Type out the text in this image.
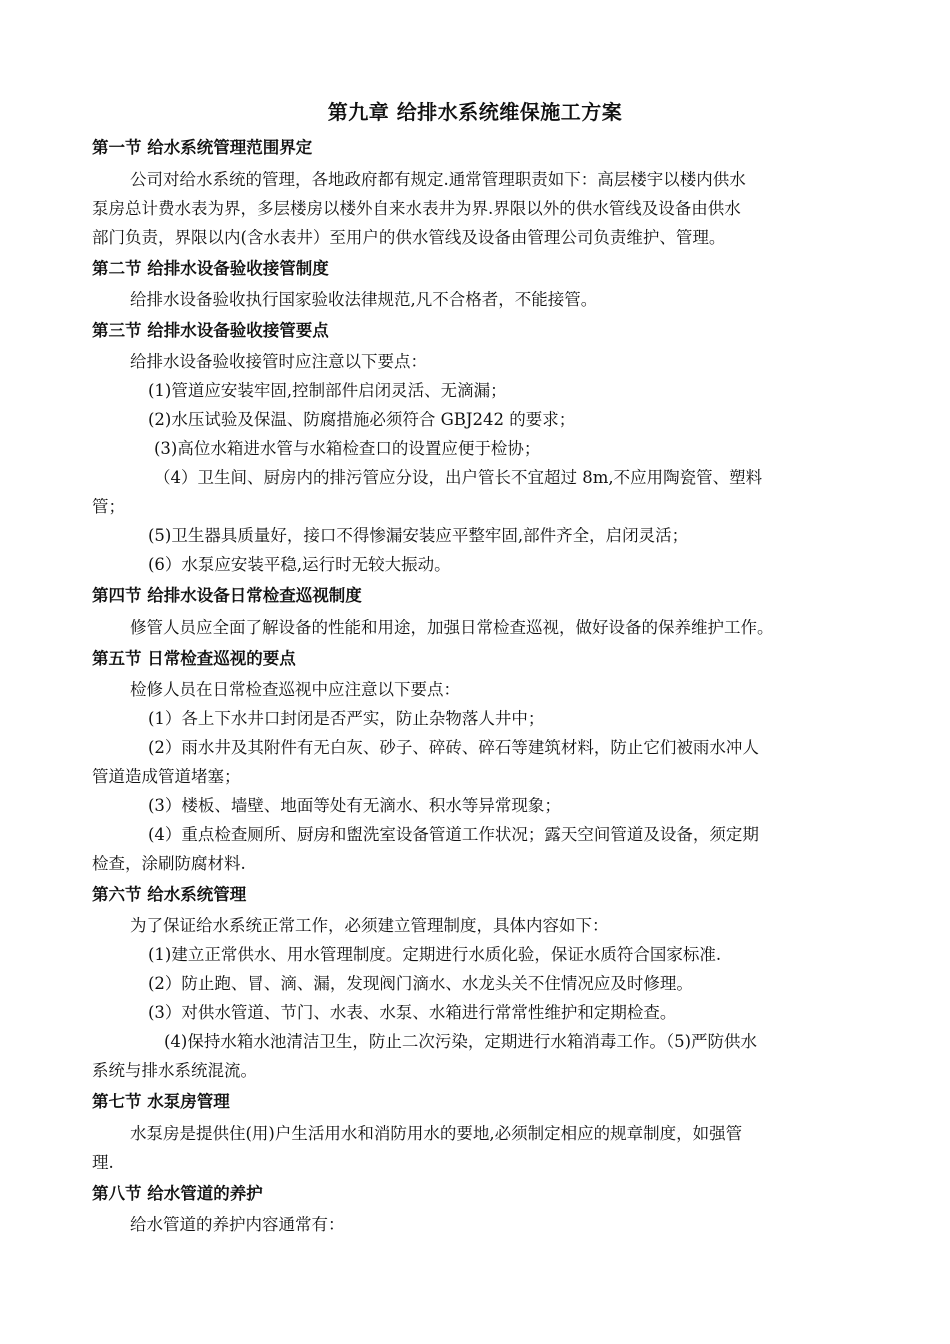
第九章 给排水系统维保施工方案
第一节 给水系统管理范围界定
公司对给水系统的管理，各地政府都有规定.通常管理职责如下：高层楼宇以楼内供水
泵房总计费水表为界，多层楼房以楼外自来水表井为界.界限以外的供水管线及设备由供水
部门负责，界限以内(含水表井）至用户的供水管线及设备由管理公司负责维护、管理。
第二节 给排水设备验收接管制度
给排水设备验收执行国家验收法律规范,凡不合格者，不能接管。
第三节 给排水设备验收接管要点
给排水设备验收接管时应注意以下要点：
(1)管道应安装牢固,控制部件启闭灵活、无滴漏；
(2)水压试验及保温、防腐措施必须符合 GBJ242 的要求；
(3)高位水箱进水管与水箱检查口的设置应便于检协；
（4）卫生间、厨房内的排污管应分设，出户管长不宜超过 8m,不应用陶瓷管、塑料
管；
(5)卫生器具质量好，接口不得惨漏安装应平整牢固,部件齐全，启闭灵活；
(6）水泵应安装平稳,运行时无较大振动。
第四节 给排水设备日常检查巡视制度
修管人员应全面了解设备的性能和用途，加强日常检查巡视，做好设备的保养维护工作。
第五节 日常检查巡视的要点
检修人员在日常检查巡视中应注意以下要点：
(1）各上下水井口封闭是否严实，防止杂物落人井中；
(2）雨水井及其附件有无白灰、砂子、碎砖、碎石等建筑材料，防止它们被雨水冲人
管道造成管道堵塞；
(3）楼板、墙壁、地面等处有无滴水、积水等异常现象；
(4）重点检查厕所、厨房和盥洗室设备管道工作状况；露天空间管道及设备，须定期
检查，涂刷防腐材料.
第六节 给水系统管理
为了保证给水系统正常工作，必须建立管理制度，具体内容如下：
(1)建立正常供水、用水管理制度。定期进行水质化验，保证水质符合国家标准.
(2）防止跑、冒、滴、漏，发现阀门滴水、水龙头关不住情况应及时修理。
(3）对供水管道、节门、水表、水泵、水箱进行常常性维护和定期检查。
(4)保持水箱水池清洁卫生，防止二次污染，定期进行水箱消毒工作。（5)严防供水
系统与排水系统混流。
第七节 水泵房管理
水泵房是提供住(用)户生活用水和消防用水的要地,必须制定相应的规章制度，如强管
理.
第八节 给水管道的养护
给水管道的养护内容通常有：
